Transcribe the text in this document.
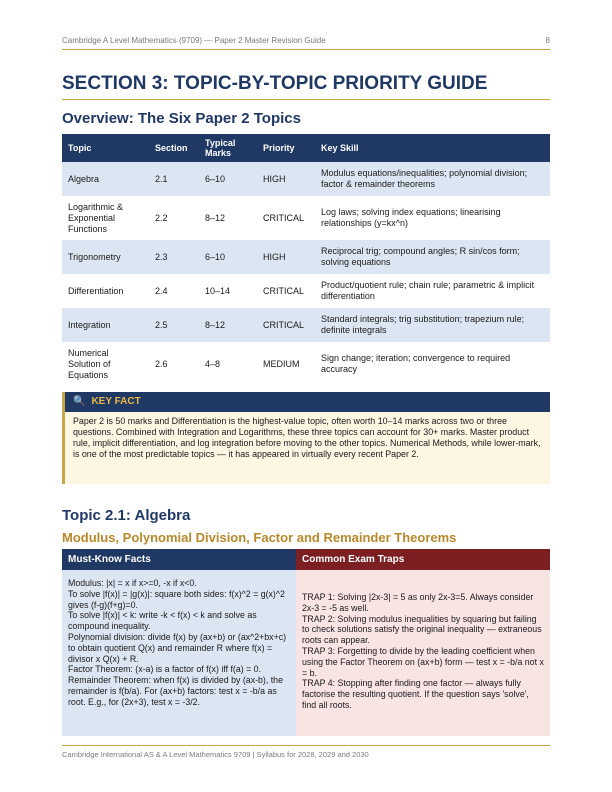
Cambridge A Level Mathematics (9709) — Paper 2 Master Revision Guide	8
SECTION 3: TOPIC-BY-TOPIC PRIORITY GUIDE
Overview: The Six Paper 2 Topics
Topic	Section	Typical Marks	Priority	Key Skill
Algebra	2.1	6–10	HIGH	Modulus equations/inequalities; polynomial division; factor & remainder theorems
Logarithmic & Exponential Functions	2.2	8–12	CRITICAL	Log laws; solving index equations; linearising relationships (y=kx^n)
Trigonometry	2.3	6–10	HIGH	Reciprocal trig; compound angles; R sin/cos form; solving equations
Differentiation	2.4	10–14	CRITICAL	Product/quotient rule; chain rule; parametric & implicit differentiation
Integration	2.5	8–12	CRITICAL	Standard integrals; trig substitution; trapezium rule; definite integrals
Numerical Solution of Equations	2.6	4–8	MEDIUM	Sign change; iteration; convergence to required accuracy
🔍 KEY FACT
Paper 2 is 50 marks and Differentiation is the highest-value topic, often worth 10–14 marks across two or three questions. Combined with Integration and Logarithms, these three topics can account for 30+ marks. Master product rule, implicit differentiation, and log integration before moving to the other topics. Numerical Methods, while lower-mark, is one of the most predictable topics — it has appeared in virtually every recent Paper 2.
Topic 2.1: Algebra
Modulus, Polynomial Division, Factor and Remainder Theorems
Must-Know Facts
Modulus: |x| = x if x>=0, -x if x<0.
To solve |f(x)| = |g(x)|: square both sides: f(x)^2 = g(x)^2 gives (f-g)(f+g)=0.
To solve |f(x)| < k: write -k < f(x) < k and solve as compound inequality.
Polynomial division: divide f(x) by (ax+b) or (ax^2+bx+c) to obtain quotient Q(x) and remainder R where f(x) = divisor x Q(x) + R.
Factor Theorem: (x-a) is a factor of f(x) iff f(a) = 0.
Remainder Theorem: when f(x) is divided by (ax-b), the remainder is f(b/a). For (ax+b) factors: test x = -b/a as root. E.g., for (2x+3), test x = -3/2.
Common Exam Traps
TRAP 1: Solving |2x-3| = 5 as only 2x-3=5. Always consider 2x-3 = -5 as well.
TRAP 2: Solving modulus inequalities by squaring but failing to check solutions satisfy the original inequality — extraneous roots can appear.
TRAP 3: Forgetting to divide by the leading coefficient when using the Factor Theorem on (ax+b) form — test x = -b/a not x = b.
TRAP 4: Stopping after finding one factor — always fully factorise the resulting quotient. If the question says 'solve', find all roots.
Cambridge International AS & A Level Mathematics 9709 | Syllabus for 2028, 2029 and 2030
